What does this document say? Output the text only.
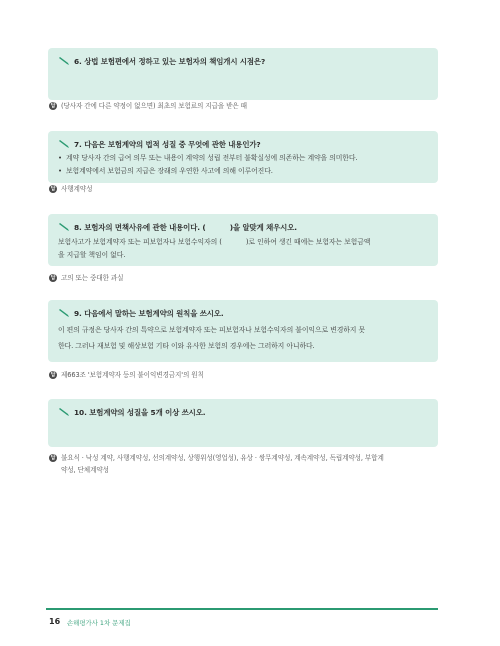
6. 상법 보험편에서 정하고 있는 보험자의 책임개시 시점은?
답 (당사자 간에 다른 약정이 없으면) 최초의 보험료의 지급을 받은 때
7. 다음은 보험계약의 법적 성질 중 무엇에 관한 내용인가?
• 계약 당사자 간의 급여 의무 또는 내용이 계약의 성립 전부터 불확실성에 의존하는 계약을 의미한다.
• 보험계약에서 보험금의 지급은 장래의 우연한 사고에 의해 이루어진다.
답 사행계약성
8. 보험자의 면책사유에 관한 내용이다. (	)을 알맞게 채우시오.

보험사고가 보험계약자 또는 피보험자나 보험수익자의 (	)로 인하여 생긴 때에는 보험자는 보험금액

을 지급할 책임이 없다.

답 고의 또는 중대한 과실
9. 다음에서 말하는 보험계약의 원칙을 쓰시오.

이 편의 규정은 당사자 간의 특약으로 보험계약자 또는 피보험자나 보험수익자의 불이익으로 변경하지 못

한다. 그러나 재보험 및 해상보험 기타 이와 유사한 보험의 경우에는 그러하지 아니하다.

답 제663조 '보험계약자 등의 불이익변경금지'의 원칙
10. 보험계약의 성질을 5개 이상 쓰시오.
답 불요식 · 낙성 계약, 사행계약성, 선의계약성, 상행위성(영업성), 유상 · 쌍무계약성, 계속계약성, 독립계약성, 부합계
약성, 단체계약성
16 손해평가사 1차 문제집
